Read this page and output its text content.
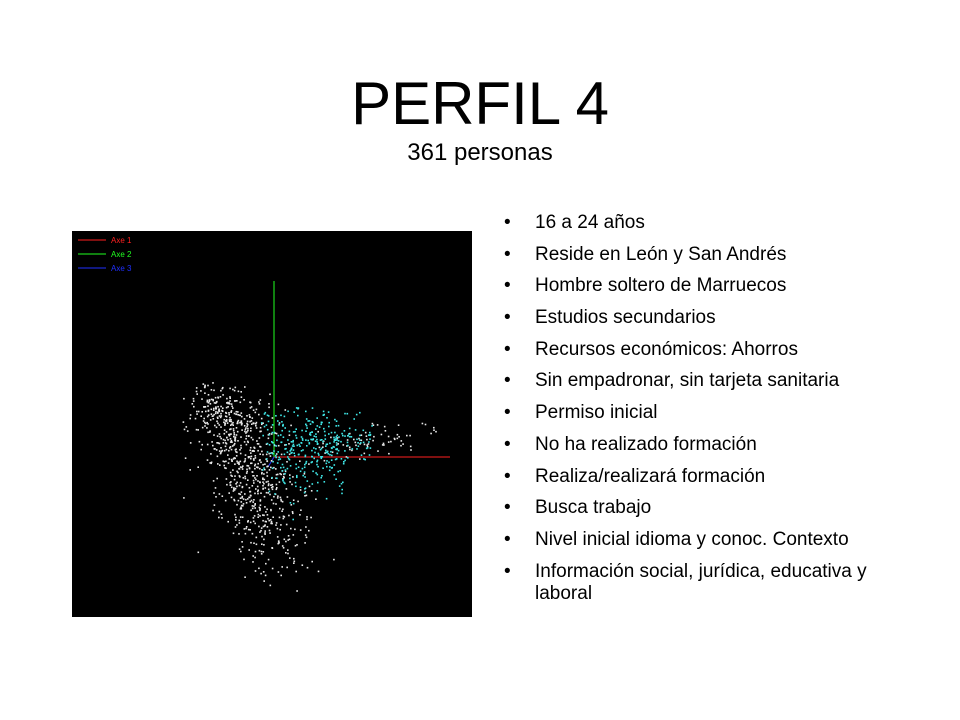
PERFIL 4
361 personas
Axe 1
Axe 2
Axe 3
• 16 a 24 años
• Reside en León y San Andrés
• Hombre soltero de Marruecos
• Estudios secundarios
• Recursos económicos: Ahorros
• Sin empadronar, sin tarjeta sanitaria
• Permiso inicial
• No ha realizado formación
• Realiza/realizará formación
• Busca trabajo
• Nivel inicial idioma y conoc. Contexto
• Información social, jurídica, educativa y laboral
